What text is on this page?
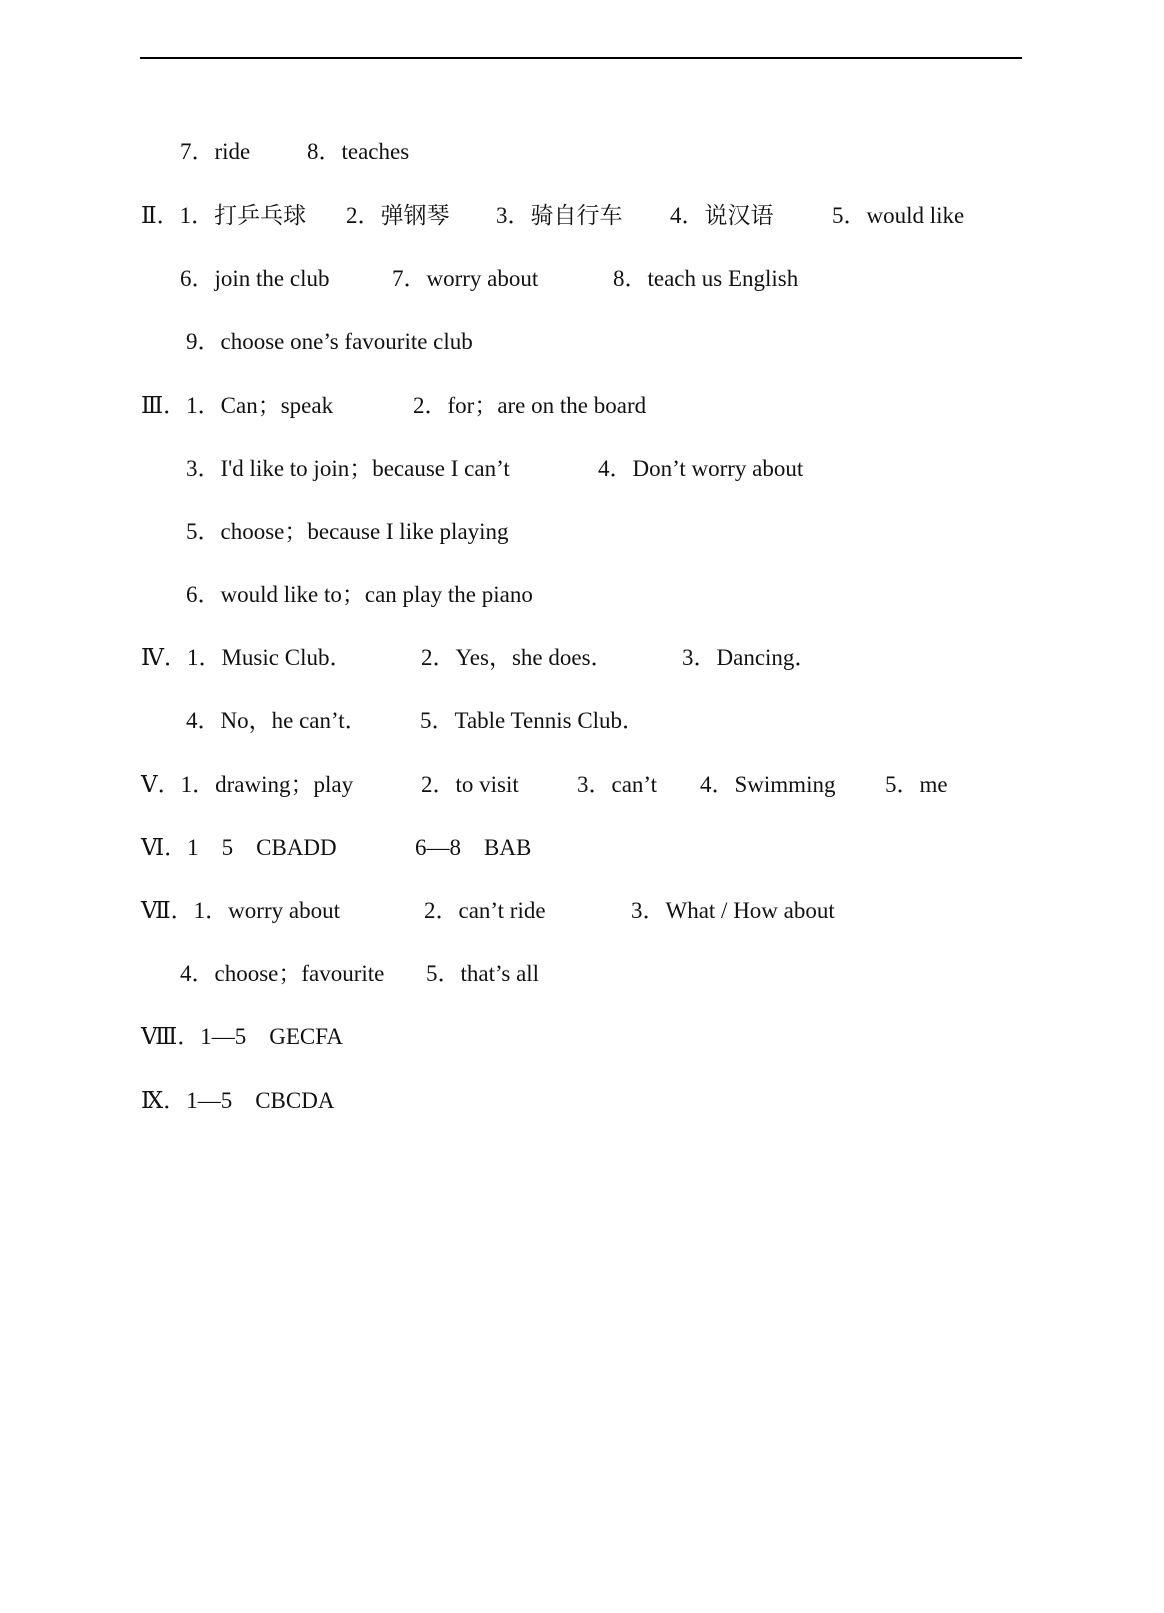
7．ride 8．teaches
Ⅱ．1．打乒乓球 2．弹钢琴 3．骑自行车 4．说汉语	5．would like
6．join the club	7．worry about	8．teach us English
9．choose one’s favourite club
Ⅲ．1．Can；speak	2．for；are on the board
3．I'd like to join；because I can’t	4．Don’t worry about
5．choose；because I like playing
6．would like to；can play the piano
Ⅳ．1．Music Club．	2．Yes，she does．	3．Dancing．
4．No，he can’t． 5．Table Tennis Club．
Ⅴ．1．drawing；play	2．to visit	3．can’t 4．Swimming 5．me
Ⅵ．1　5　CBADD	6—8　BAB
Ⅶ．1．worry about	2．can’t ride	3．What / How about
4．choose；favourite 5．that’s all
Ⅷ．1—5　GECFA
Ⅸ．1—5　CBCDA
